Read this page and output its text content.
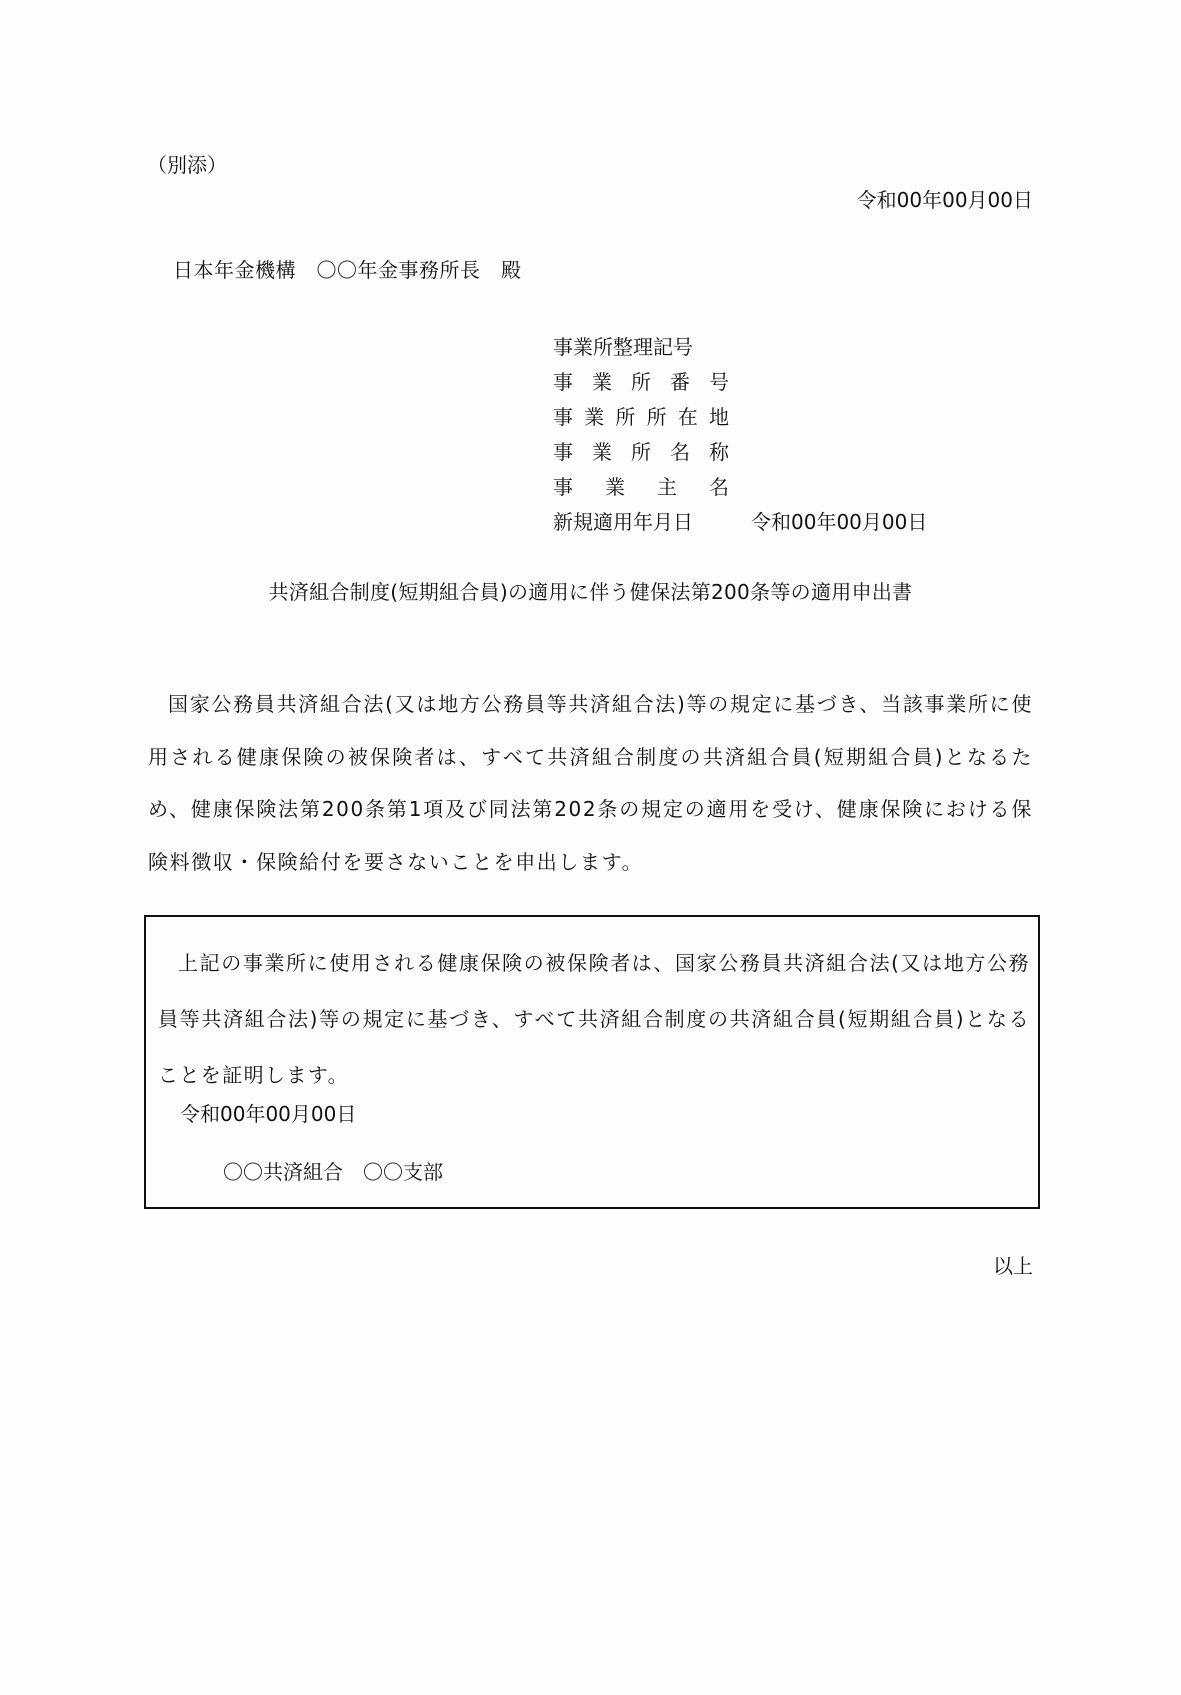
（別添）
令和00年00月00日
日本年金機構　〇〇年金事務所長　殿
事業所整理記号
事 業 所 番 号
事 業 所 所 在 地
事 業 所 名 称
事 業 主 名
新規適用年月日	令和00年00月00日
共済組合制度(短期組合員)の適用に伴う健保法第200条等の適用申出書

国家公務員共済組合法(又は地方公務員等共済組合法)等の規定に基づき、当該事業所に使用される健康保険の被保険者は、すべて共済組合制度の共済組合員(短期組合員)となるため、健康保険法第200条第1項及び同法第202条の規定の適用を受け、健康保険における保険料徴収・保険給付を要さないことを申出します。

上記の事業所に使用される健康保険の被保険者は、国家公務員共済組合法(又は地方公務員等共済組合法)等の規定に基づき、すべて共済組合制度の共済組合員(短期組合員)となることを証明します。

令和00年00月00日
〇〇共済組合　〇〇支部
以上
